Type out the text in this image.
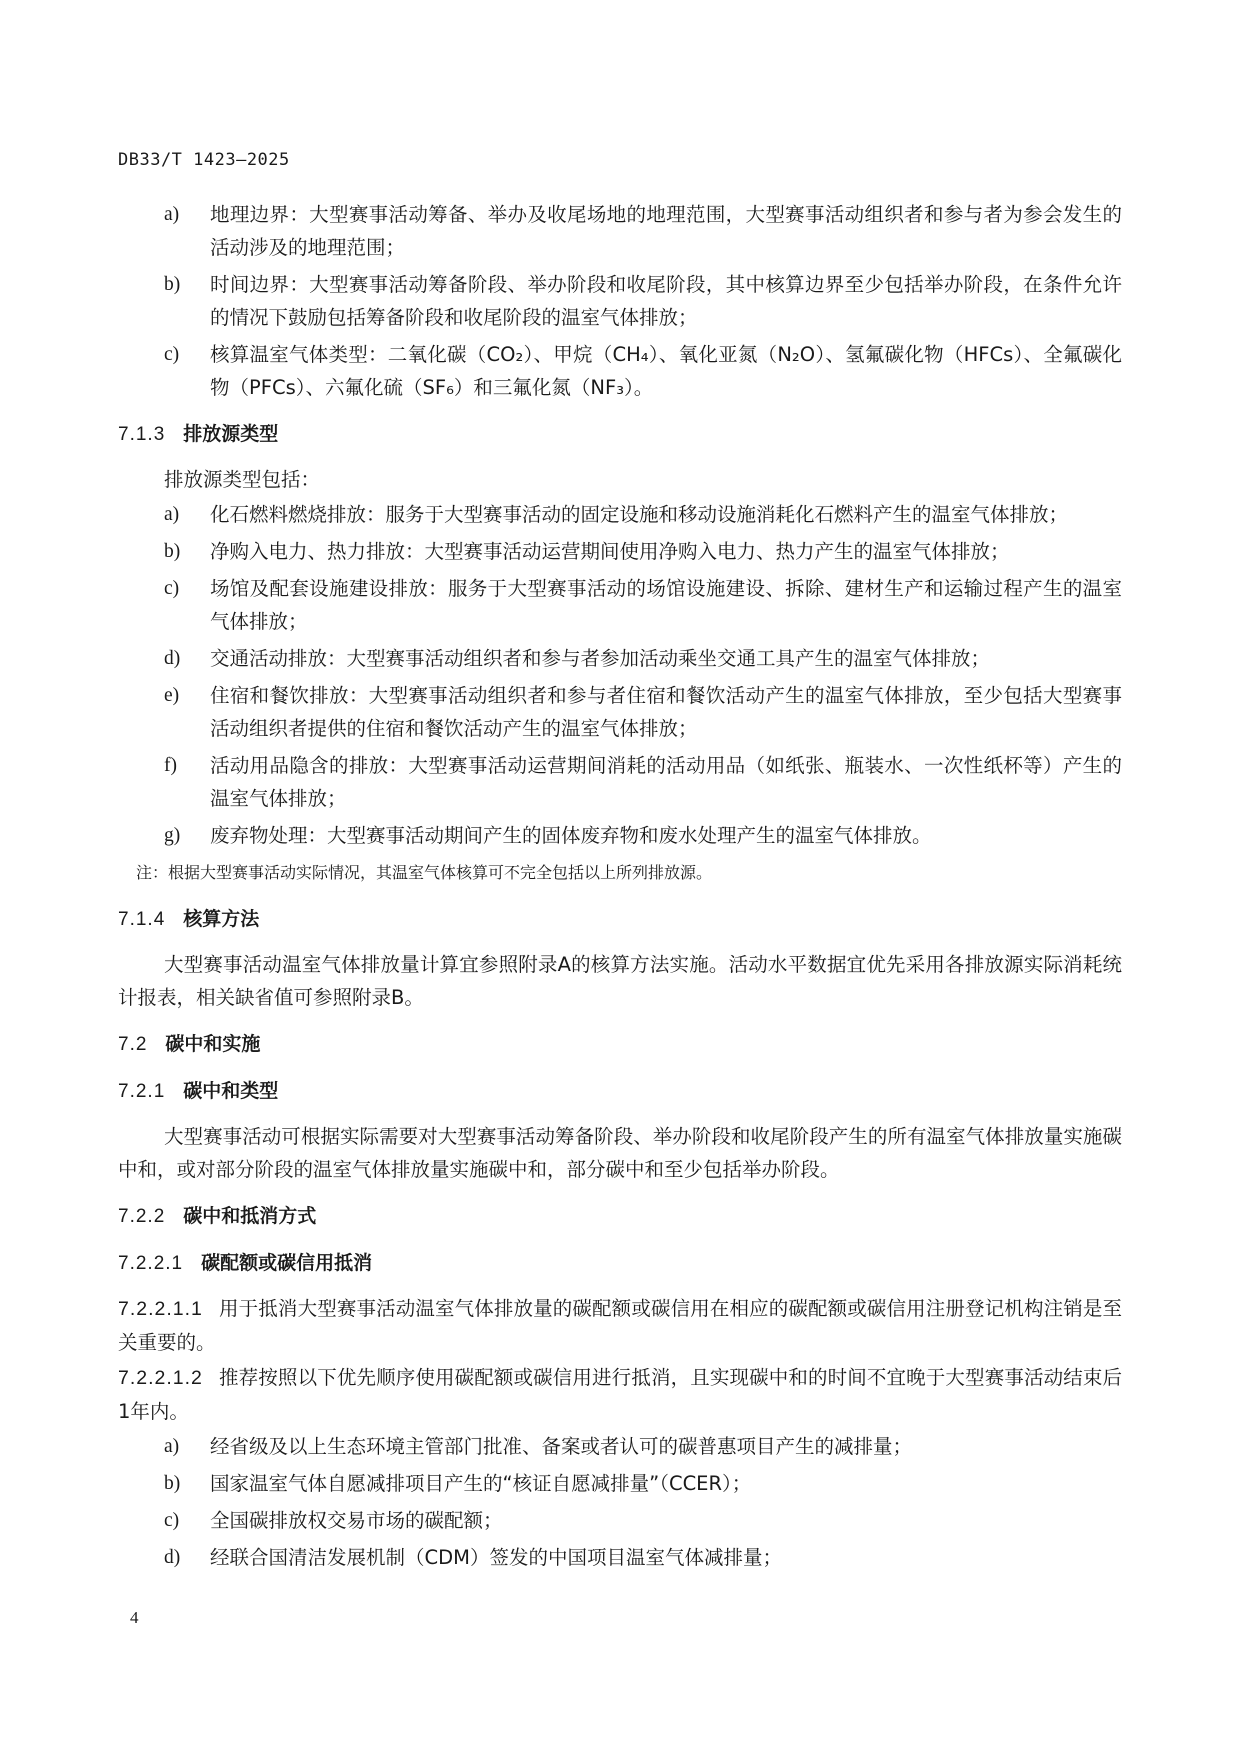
DB33/T 1423—2025
a) 地理边界：大型赛事活动筹备、举办及收尾场地的地理范围，大型赛事活动组织者和参与者为参会发生的活动涉及的地理范围；
b) 时间边界：大型赛事活动筹备阶段、举办阶段和收尾阶段，其中核算边界至少包括举办阶段，在条件允许的情况下鼓励包括筹备阶段和收尾阶段的温室气体排放；
c) 核算温室气体类型：二氧化碳（CO₂）、甲烷（CH₄）、氧化亚氮（N₂O）、氢氟碳化物（HFCs）、全氟碳化物（PFCs）、六氟化硫（SF₆）和三氟化氮（NF₃）。
7.1.3 排放源类型
排放源类型包括：
a) 化石燃料燃烧排放：服务于大型赛事活动的固定设施和移动设施消耗化石燃料产生的温室气体排放；
b) 净购入电力、热力排放：大型赛事活动运营期间使用净购入电力、热力产生的温室气体排放；
c) 场馆及配套设施建设排放：服务于大型赛事活动的场馆设施建设、拆除、建材生产和运输过程产生的温室气体排放；
d) 交通活动排放：大型赛事活动组织者和参与者参加活动乘坐交通工具产生的温室气体排放；
e) 住宿和餐饮排放：大型赛事活动组织者和参与者住宿和餐饮活动产生的温室气体排放，至少包括大型赛事活动组织者提供的住宿和餐饮活动产生的温室气体排放；
f) 活动用品隐含的排放：大型赛事活动运营期间消耗的活动用品（如纸张、瓶装水、一次性纸杯等）产生的温室气体排放；
g) 废弃物处理：大型赛事活动期间产生的固体废弃物和废水处理产生的温室气体排放。
注：根据大型赛事活动实际情况，其温室气体核算可不完全包括以上所列排放源。
7.1.4 核算方法
大型赛事活动温室气体排放量计算宜参照附录A的核算方法实施。活动水平数据宜优先采用各排放源实际消耗统计报表，相关缺省值可参照附录B。
7.2 碳中和实施
7.2.1 碳中和类型
大型赛事活动可根据实际需要对大型赛事活动筹备阶段、举办阶段和收尾阶段产生的所有温室气体排放量实施碳中和，或对部分阶段的温室气体排放量实施碳中和，部分碳中和至少包括举办阶段。
7.2.2 碳中和抵消方式
7.2.2.1 碳配额或碳信用抵消
7.2.2.1.1 用于抵消大型赛事活动温室气体排放量的碳配额或碳信用在相应的碳配额或碳信用注册登记机构注销是至关重要的。
7.2.2.1.2 推荐按照以下优先顺序使用碳配额或碳信用进行抵消，且实现碳中和的时间不宜晚于大型赛事活动结束后1年内。
a) 经省级及以上生态环境主管部门批准、备案或者认可的碳普惠项目产生的减排量；
b) 国家温室气体自愿减排项目产生的“核证自愿减排量”（CCER）；
c) 全国碳排放权交易市场的碳配额；
d) 经联合国清洁发展机制（CDM）签发的中国项目温室气体减排量；
4
